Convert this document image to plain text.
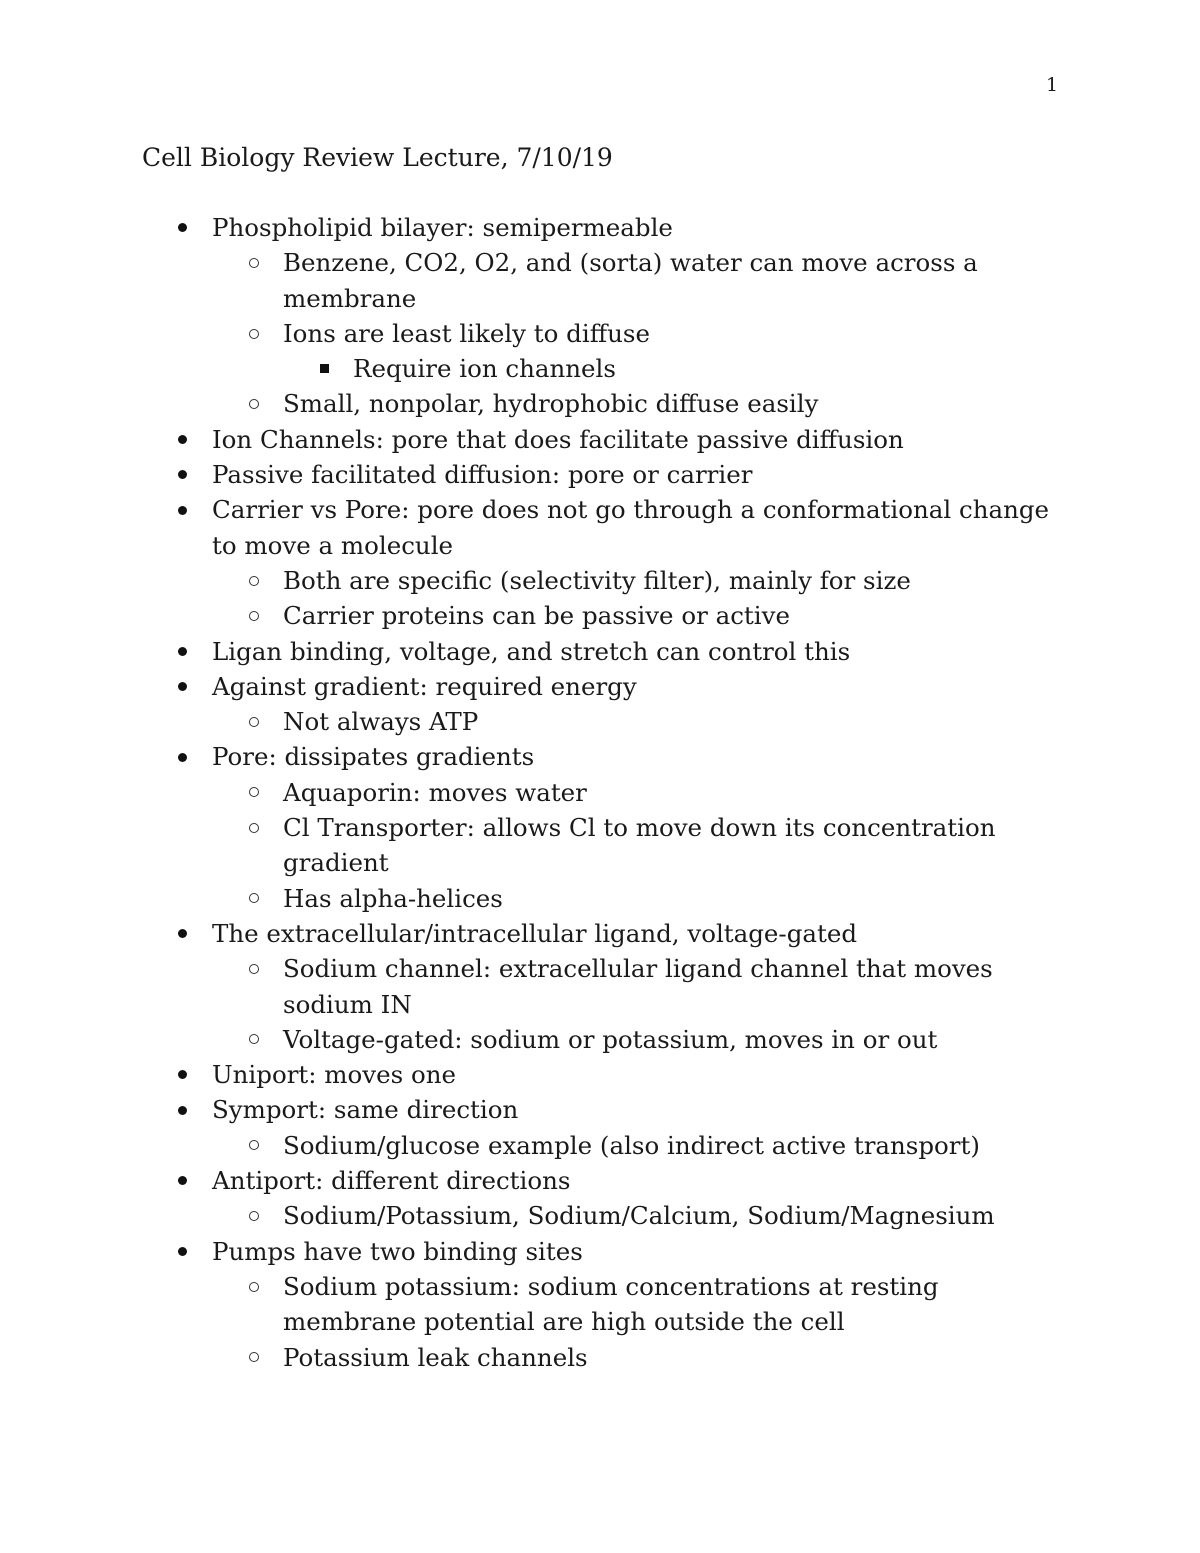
1
Cell Biology Review Lecture, 7/10/19
Phospholipid bilayer: semipermeable
Benzene, CO2, O2, and (sorta) water can move across a membrane
Ions are least likely to diffuse
Require ion channels
Small, nonpolar, hydrophobic diffuse easily
Ion Channels: pore that does facilitate passive diffusion
Passive facilitated diffusion: pore or carrier
Carrier vs Pore: pore does not go through a conformational change to move a molecule
Both are specific (selectivity filter), mainly for size
Carrier proteins can be passive or active
Ligan binding, voltage, and stretch can control this
Against gradient: required energy
Not always ATP
Pore: dissipates gradients
Aquaporin: moves water
Cl Transporter: allows Cl to move down its concentration gradient
Has alpha-helices
The extracellular/intracellular ligand, voltage-gated
Sodium channel: extracellular ligand channel that moves sodium IN
Voltage-gated: sodium or potassium, moves in or out
Uniport: moves one
Symport: same direction
Sodium/glucose example (also indirect active transport)
Antiport: different directions
Sodium/Potassium, Sodium/Calcium, Sodium/Magnesium
Pumps have two binding sites
Sodium potassium: sodium concentrations at resting membrane potential are high outside the cell
Potassium leak channels
